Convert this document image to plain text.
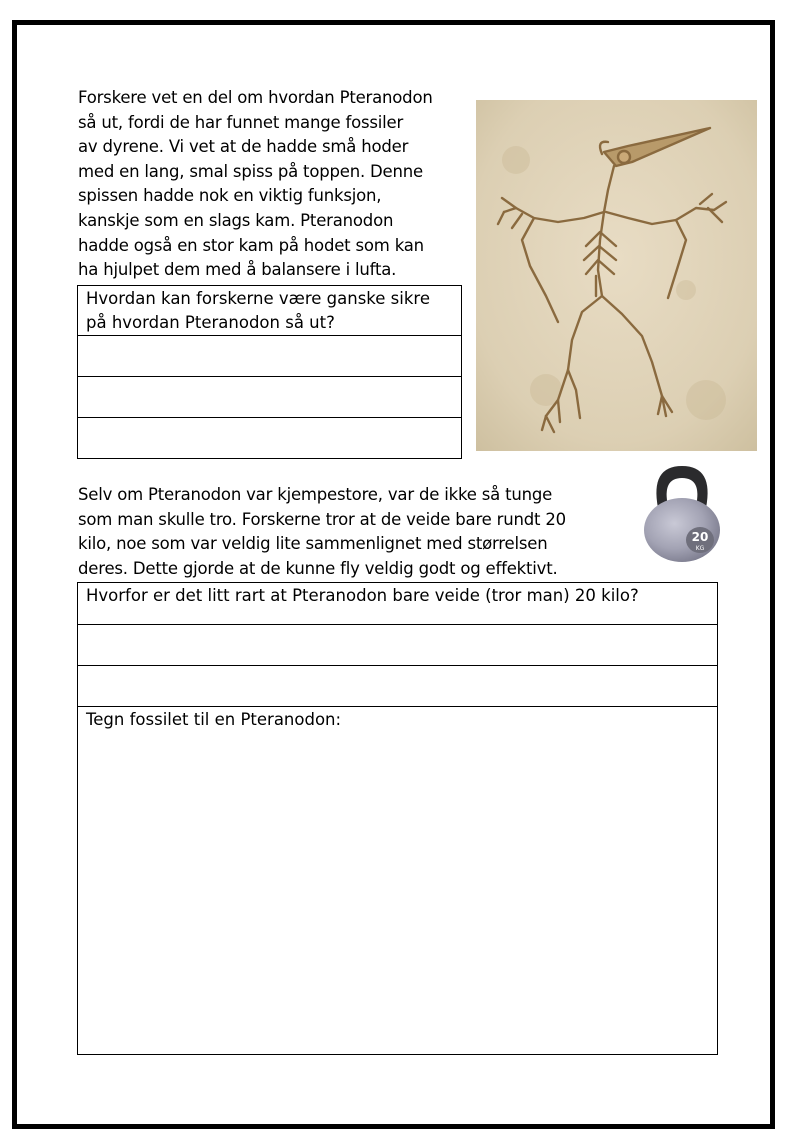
Forskere vet en del om hvordan Pteranodon
så ut, fordi de har funnet mange fossiler
av dyrene. Vi vet at de hadde små hoder
med en lang, smal spiss på toppen. Denne
spissen hadde nok en viktig funksjon,
kanskje som en slags kam. Pteranodon
hadde også en stor kam på hodet som kan
ha hjulpet dem med å balansere i lufta.
Hvordan kan forskerne være ganske sikre
på hvordan Pteranodon så ut?

Selv om Pteranodon var kjempestore, var de ikke så tunge
som man skulle tro. Forskerne tror at de veide bare rundt 20
kilo, noe som var veldig lite sammenlignet med størrelsen
deres. Dette gjorde at de kunne fly veldig godt og effektivt.
20
KG
Hvorfor er det litt rart at Pteranodon bare veide (tror man) 20 kilo?

Tegn fossilet til en Pteranodon:
